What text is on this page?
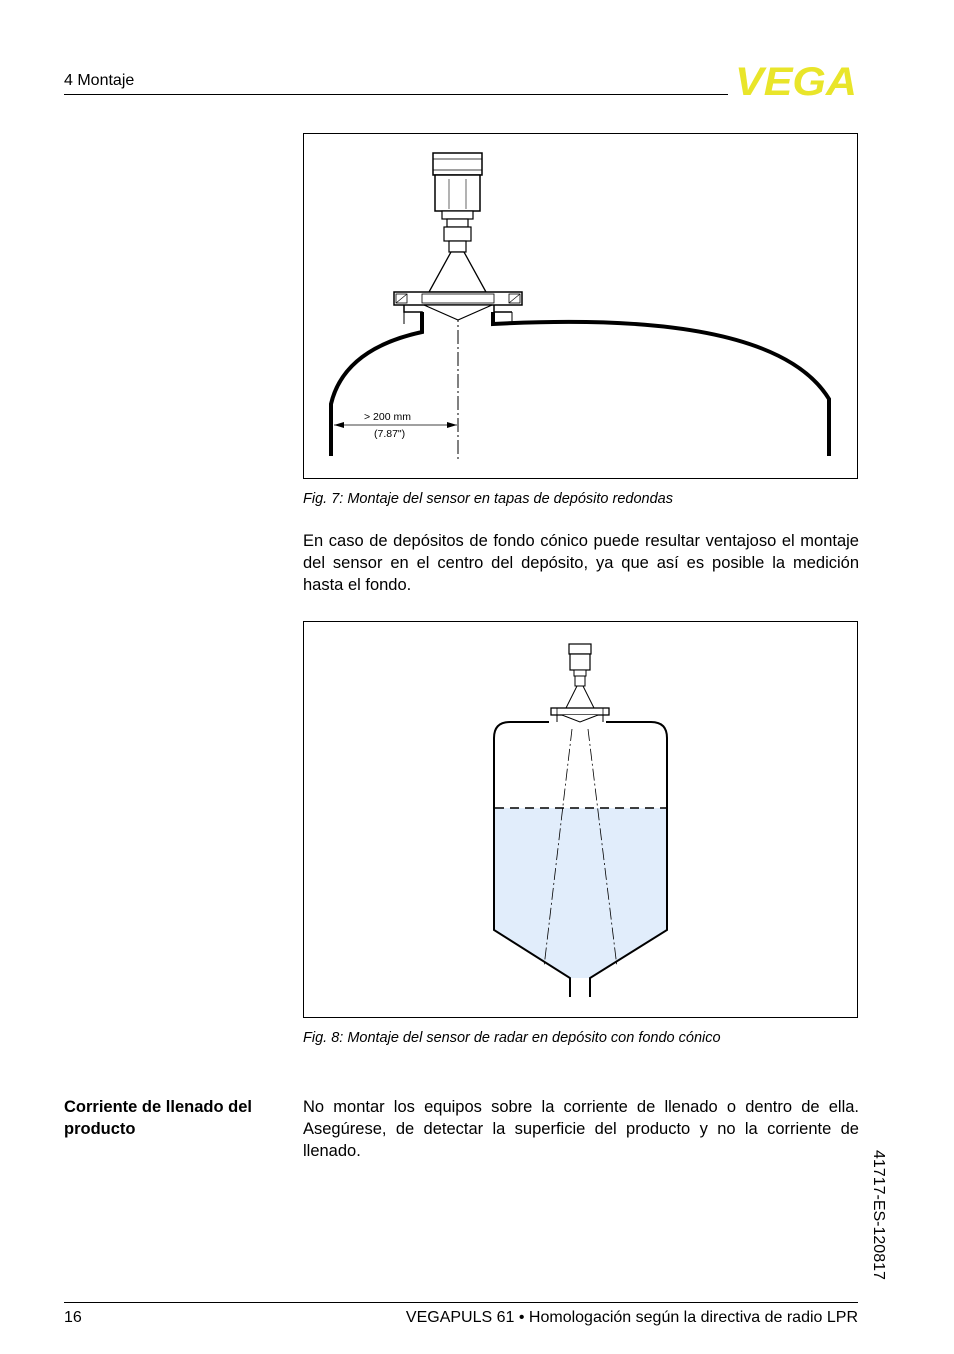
4 Montaje	VEGA
> 200 mm
(7.87")
Fig. 7: Montaje del sensor en tapas de depósito redondas
En caso de depósitos de fondo cónico puede resultar ventajoso el montaje del sensor en el centro del depósito, ya que así es posible la medición hasta el fondo.
Fig. 8: Montaje del sensor de radar en depósito con fondo cónico
Corriente de llenado del producto
No montar los equipos sobre la corriente de llenado o dentro de ella. Asegúrese, de detectar la superficie del producto y no la corriente de llenado.	41717-ES-120817
16	VEGAPULS 61 • Homologación según la directiva de radio LPR
